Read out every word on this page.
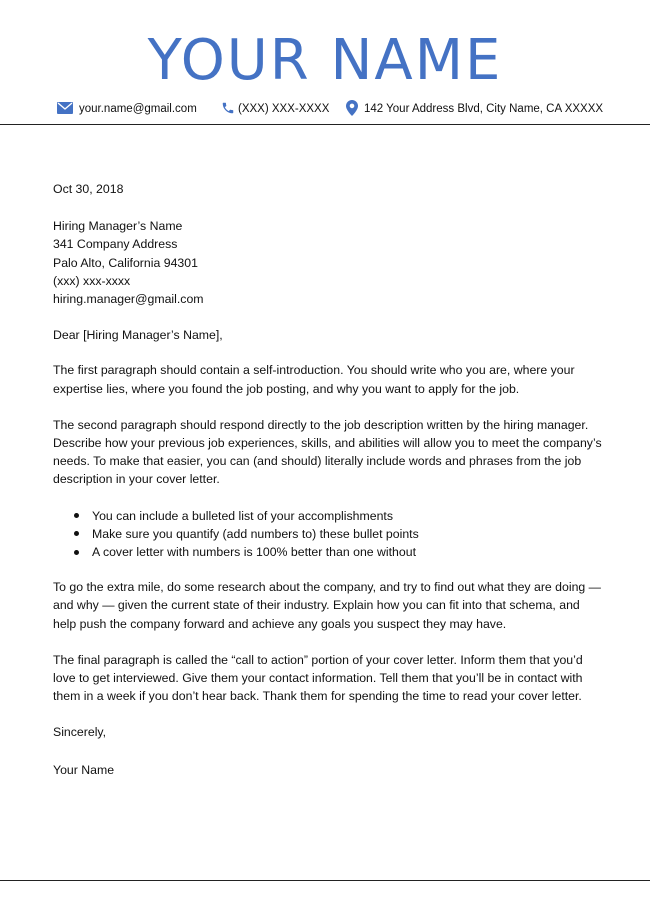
YOUR NAME
your.name@gmail.com	(XXX) XXX-XXXX	142 Your Address Blvd, City Name, CA XXXXX

Oct 30, 2018

Hiring Manager’s Name
341 Company Address
Palo Alto, California 94301
(xxx) xxx-xxxx
hiring.manager@gmail.com

Dear [Hiring Manager’s Name],

The first paragraph should contain a self-introduction. You should write who you are, where your expertise lies, where you found the job posting, and why you want to apply for the job.

The second paragraph should respond directly to the job description written by the hiring manager. Describe how your previous job experiences, skills, and abilities will allow you to meet the company’s needs. To make that easier, you can (and should) literally include words and phrases from the job description in your cover letter.

You can include a bulleted list of your accomplishments
Make sure you quantify (add numbers to) these bullet points
A cover letter with numbers is 100% better than one without

To go the extra mile, do some research about the company, and try to find out what they are doing — and why — given the current state of their industry. Explain how you can fit into that schema, and help push the company forward and achieve any goals you suspect they may have.

The final paragraph is called the “call to action” portion of your cover letter. Inform them that you’d love to get interviewed. Give them your contact information. Tell them that you’ll be in contact with them in a week if you don’t hear back. Thank them for spending the time to read your cover letter.

Sincerely,

Your Name
